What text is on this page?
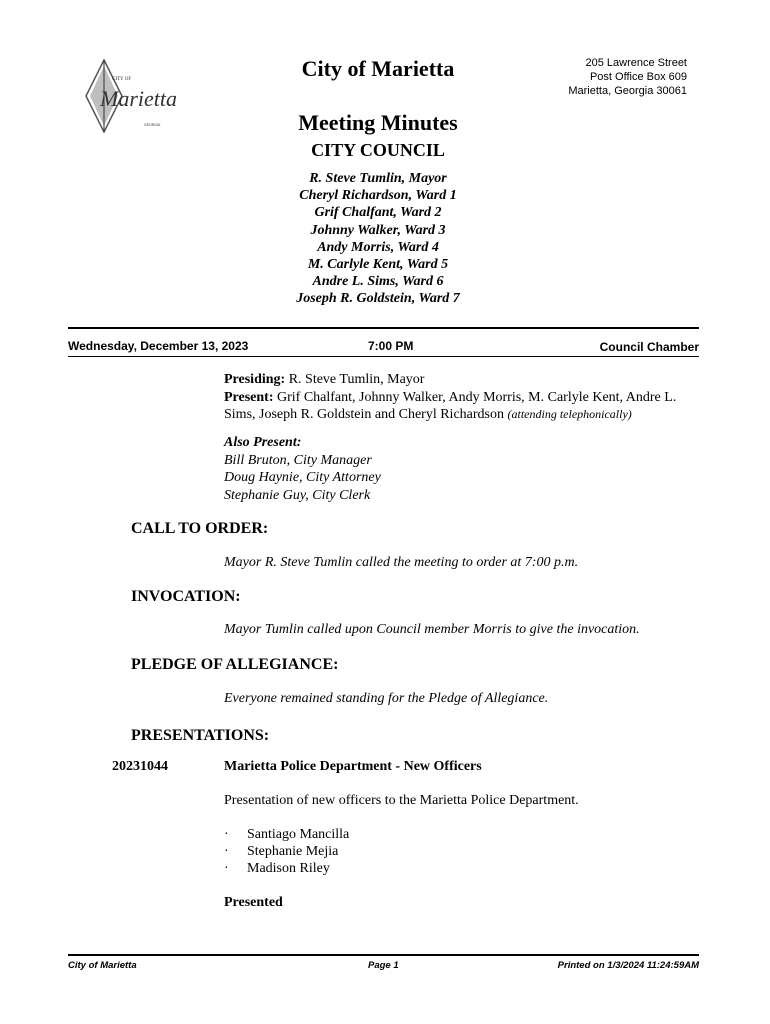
CITY OF
Marietta
GEORGIA
City of Marietta
Meeting Minutes
CITY COUNCIL
R. Steve Tumlin, Mayor
Cheryl Richardson, Ward 1
Grif Chalfant, Ward 2
Johnny Walker, Ward 3
Andy Morris, Ward 4
M. Carlyle Kent, Ward 5
Andre L. Sims, Ward 6
Joseph R. Goldstein, Ward 7
205 Lawrence Street
Post Office Box 609
Marietta, Georgia 30061
Wednesday, December 13, 2023	7:00 PM	Council Chamber
Presiding: R. Steve Tumlin, Mayor
Present: Grif Chalfant, Johnny Walker, Andy Morris, M. Carlyle Kent, Andre L. Sims, Joseph R. Goldstein and Cheryl Richardson (attending telephonically)
Also Present:
Bill Bruton, City Manager
Doug Haynie, City Attorney
Stephanie Guy, City Clerk
CALL TO ORDER:
Mayor R. Steve Tumlin called the meeting to order at 7:00 p.m.
INVOCATION:
Mayor Tumlin called upon Council member Morris to give the invocation.
PLEDGE OF ALLEGIANCE:
Everyone remained standing for the Pledge of Allegiance.
PRESENTATIONS:
20231044	Marietta Police Department - New Officers
Presentation of new officers to the Marietta Police Department.
·	Santiago Mancilla
·	Stephanie Mejia
·	Madison Riley
Presented
City of Marietta	Page 1	Printed on 1/3/2024 11:24:59AM
